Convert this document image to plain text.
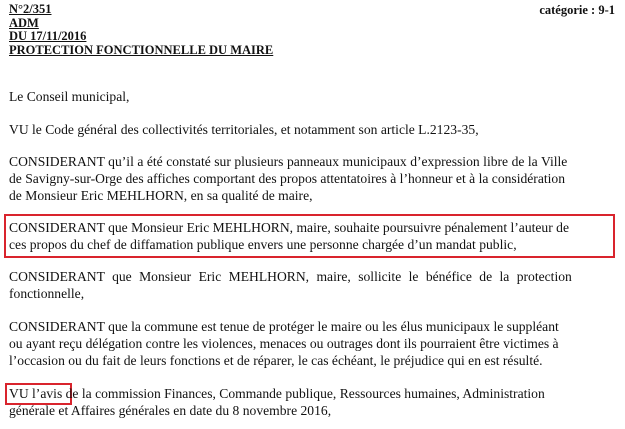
N°2/351
ADM
DU 17/11/2016
PROTECTION FONCTIONNELLE DU MAIRE
catégorie : 9-1
Le Conseil municipal,
VU le Code général des collectivités territoriales, et notamment son article L.2123-35,
CONSIDERANT qu’il a été constaté sur plusieurs panneaux municipaux d’expression libre de la Ville
de Savigny-sur-Orge des affiches comportant des propos attentatoires à l’honneur et à la considération
de Monsieur Eric MEHLHORN, en sa qualité de maire,
CONSIDERANT que Monsieur Eric MEHLHORN, maire, souhaite poursuivre pénalement l’auteur de
ces propos du chef de diffamation publique envers une personne chargée d’un mandat public,
CONSIDERANT que Monsieur Eric MEHLHORN, maire, sollicite le bénéfice de la protection
fonctionnelle,
CONSIDERANT que la commune est tenue de protéger le maire ou les élus municipaux le suppléant
ou ayant reçu délégation contre les violences, menaces ou outrages dont ils pourraient être victimes à
l’occasion ou du fait de leurs fonctions et de réparer, le cas échéant, le préjudice qui en est résulté.
VU l’avis de la commission Finances, Commande publique, Ressources humaines, Administration
générale et Affaires générales en date du 8 novembre 2016,
